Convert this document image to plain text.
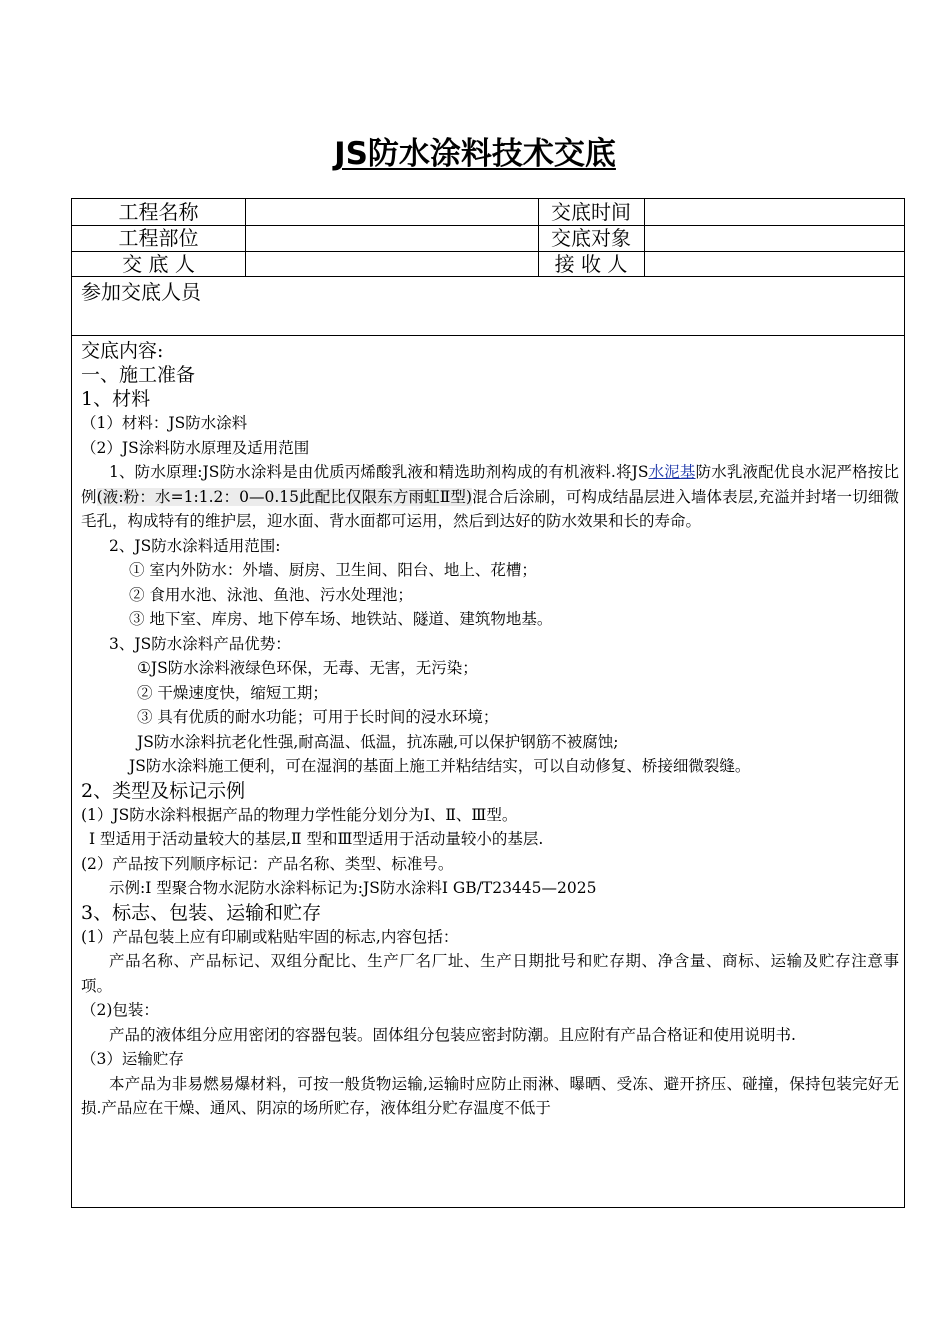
JS防水涂料技术交底
工程名称
工程部位
交 底 人
交底时间
交底对象
接 收 人
参加交底人员

交底内容:

一、施工准备

1、材料

（1）材料：JS防水涂料

（2）JS涂料防水原理及适用范围

1、防水原理:JS防水涂料是由优质丙烯酸乳液和精选助剂构成的有机液料.将JS水泥基防水乳液配优良水泥严格按比例(液:粉：水=1:1.2：0—0.15此配比仅限东方雨虹Ⅱ型)混合后涂刷，可构成结晶层进入墙体表层,充溢并封堵一切细微毛孔，构成特有的维护层，迎水面、背水面都可运用，然后到达好的防水效果和长的寿命。

2、JS防水涂料适用范围:

① 室内外防水：外墙、厨房、卫生间、阳台、地上、花槽；

② 食用水池、泳池、鱼池、污水处理池；

③ 地下室、库房、地下停车场、地铁站、隧道、建筑物地基。

3、JS防水涂料产品优势：

①JS防水涂料液绿色环保，无毒、无害，无污染；

② 干燥速度快，缩短工期；

③ 具有优质的耐水功能；可用于长时间的浸水环境；

JS防水涂料抗老化性强,耐高温、低温，抗冻融,可以保护钢筋不被腐蚀;

JS防水涂料施工便利，可在湿润的基面上施工并粘结结实，可以自动修复、桥接细微裂缝。

2、类型及标记示例

(1）JS防水涂料根据产品的物理力学性能分划分为Ⅰ、Ⅱ、Ⅲ型。

Ⅰ 型适用于活动量较大的基层,Ⅱ 型和Ⅲ型适用于活动量较小的基层.

(2）产品按下列顺序标记：产品名称、类型、标准号。

示例:Ⅰ 型聚合物水泥防水涂料标记为:JS防水涂料Ⅰ GB/T23445—2025

3、标志、包装、运输和贮存

(1）产品包装上应有印刷或粘贴牢固的标志,内容包括：

产品名称、产品标记、双组分配比、生产厂名厂址、生产日期批号和贮存期、净含量、商标、运输及贮存注意事项。

（2)包装：

产品的液体组分应用密闭的容器包装。固体组分包装应密封防潮。且应附有产品合格证和使用说明书.

（3）运输贮存

本产品为非易燃易爆材料，可按一般货物运输,运输时应防止雨淋、曝晒、受冻、避开挤压、碰撞，保持包装完好无损.产品应在干燥、通风、阴凉的场所贮存，液体组分贮存温度不低于
